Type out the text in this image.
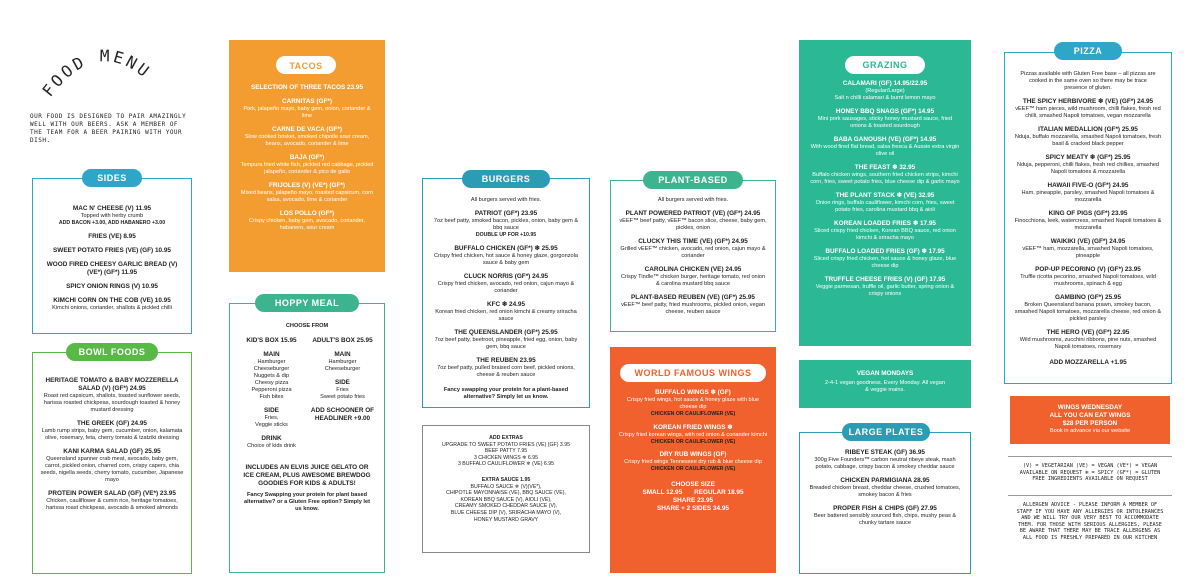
FOOD MENU
OUR FOOD IS DESIGNED TO PAIR AMAZINGLY WELL WITH OUR BEERS. ASK A MEMBER OF THE TEAM FOR A BEER PAIRING WITH YOUR DISH.
MAC N' CHEESE (V) 11.95
Topped with herby crumb
ADD BACON +3.00, ADD HABANERO +3.00
FRIES (VE) 8.95
SWEET POTATO FRIES (VE) (GF) 10.95
WOOD FIRED CHEESY GARLIC BREAD (V) (VE*) (GF*) 11.95
SPICY ONION RINGS (V) 10.95
KIMCHI CORN ON THE COB (VE) 10.95
Kimchi onions, coriander, shallots & pickled chilli
SIDES
HERITAGE TOMATO & BABY MOZZERELLA SALAD (V) (GF*) 24.95
Roast red capsicum, shallots, toasted sunflower seeds, harissa roasted chickpeas, sourdough toasted & honey mustard dressing
THE GREEK (GF) 24.95
Lamb rump strips, baby gem, cucumber, onion, kalamata olive, rosemary, feta, cherry tomato & tzatziki dressing
KANI KARMA SALAD (GF) 25.95
Queensland spanner crab meat, avocado, baby gem, carrot, pickled onion, charred corn, crispy capers, chia seeds, nigella seeds, cherry tomato, cucumber, Japanese mayo
PROTEIN POWER SALAD (GF) (VE*) 23.95
Chicken, cauliflower & cumin rice, heritage tomatoes, harissa roast chickpeas, avocado & smoked almonds
BOWL FOODS
SELECTION OF THREE TACOS 23.95
CARNITAS (GF*)
Pork, jalapeño mayo, baby gem, onion, coriander & lime
CARNE DE VACA (GF*)
Slow cooked brisket, smoked chipotle sour cream, beans, avocado, coriander & lime
BAJA (GF*)
Tempura fried white fish, pickled red cabbage, pickled jalapeño, coriander & pico de gallo
FRIJOLES (V) (VE*) (GF*)
Mixed beans, jalapeño mayo, roasted capsicum, corn salsa, avocado, lime & coriander
LOS POLLO (GF*)
Crispy chicken, baby gem, avocado, coriander, habanero, sour cream
TACOS
CHOOSE FROM
KID'S BOX 15.95
MAIN
Hamburger
Cheeseburger
Nuggets & dip
Cheesy pizza
Pepperoni pizza
Fish bites
SIDE
Fries,
Veggie sticks
DRINK
Choice of kids drink
ADULT'S BOX 25.95
MAIN
Hamburger
Cheeseburger
SIDE
Fries
Sweet potato fries
ADD SCHOONER OF HEADLINER +9.00
INCLUDES AN ELVIS JUICE GELATO OR ICE CREAM, PLUS AWESOME BREWDOG GOODIES FOR KIDS & ADULTS!
Fancy Swapping your protein for plant based alternative? or a Gluten Free option? Simply let us know.
HOPPY MEAL
All burgers served with fries.
PATRIOT (GF*) 23.95
7oz beef patty, smoked bacon, pickles, onion, baby gem & bbq sauce
DOUBLE UP FOR +10.95
BUFFALO CHICKEN (GF*) ❄ 25.95
Crispy fried chicken, hot sauce & honey glaze, gorgonzola sauce & baby gem
CLUCK NORRIS (GF*) 24.95
Crispy fried chicken, avocado, red onion, cajun mayo & coriander
KFC ❄ 24.95
Korean fried chicken, red onion kimchi & creamy sriracha sauce
THE QUEENSLANDER (GF*) 25.95
7oz beef patty, beetroot, pineapple, fried egg, onion, baby gem, bbq sauce
THE REUBEN 23.95
7oz beef patty, pulled braised corn beef, pickled onions, cheese & reuben sauce
Fancy swapping your protein for a plant-based alternative? Simply let us know.
BURGERS
ADD EXTRAS
UPGRADE TO SWEET POTATO FRIES (VE) (GF) 3.95
BEEF PATTY 7.95
3 CHICKEN WINGS ❄ 6.95
3 BUFFALO CAULIFLOWER ❄ (VE) 6.95
EXTRA SAUCE 1.95
BUFFALO SAUCE ❄ (V)(VE*),
CHIPOTLE MAYONNAISE (VE), BBQ SAUCE (VE),
KOREAN BBQ SAUCE (V), AIOLI (VE),
CREAMY SMOKED CHEDDAR SAUCE (V),
BLUE CHEESE DIP (V), SRIRACHA MAYO (V),
HONEY MUSTARD GRAVY
All burgers served with fries.
PLANT POWERED PATRIOT (VE) (GF*) 24.95
vEEF™ beef patty, vEEF™ bacon slice, cheese, baby gem, pickles, onion
CLUCKY THIS TIME (VE) (GF*) 24.95
Grilled vEEF™ chicken, avocado, red onion, cajun mayo & coriander
CAROLINA CHICKEN (VE) 24.95
Crispy Tindle™ chicken burger, heritage tomato, red onion & carolina mustard bbq sauce
PLANT-BASED REUBEN (VE) (GF*) 25.95
vEEF™ beef patty, fried mushrooms, pickled onion, vegan cheese, reuben sauce
PLANT-BASED
BUFFALO WINGS ❄ (GF)
Crispy fried wings, hot sauce & honey glaze with blue cheese dip
CHICKEN OR CAULIFLOWER (VE)
KOREAN FRIED WINGS ❄
Crispy fried korean wings, with red onion & coriander kimchi
CHICKEN OR CAULIFLOWER (VE)
DRY RUB WINGS (GF)
Crispy fried wings Tennessee dry rub & blue cheese dip
CHICKEN OR CAULIFLOWER (VE)
CHOOSE SIZE
SMALL 12.95 REGULAR 18.95
SHARE 23.95
SHARE + 2 SIDES 34.95
WORLD FAMOUS WINGS
CALAMARI (GF) 14.95/22.95
(Regular/Large)
Salt n chilli calamari & burnt lemon mayo
HONEY BBQ SNAGS (GF*) 14.95
Mini pork sausages, sticky honey mustard sauce, fried onions & toasted sourdough
BABA GANOUSH (VE) (GF*) 14.95
With wood fired flat bread, salsa fresca & Aussie extra virgin olive oil
THE FEAST ❄ 32.95
Buffalo chicken wings, southern fried chicken strips, kimchi corn, fries, sweet potato fries, blue cheese dip & garlic mayo
THE PLANT STACK ❄ (VE) 32.95
Onion rings, buffalo cauliflower, kimchi corn, fries, sweet potato fries, carolina mustard bbq & aioli
KOREAN LOADED FRIES ❄ 17.95
Sliced crispy fried chicken, Korean BBQ sauce, red onion kimchi & sriracha mayo
BUFFALO LOADED FRIES (GF) ❄ 17.95
Sliced crispy fried chicken, hot sauce & honey glaze, blue cheese dip
TRUFFLE CHEESE FRIES (V) (GF) 17.95
Veggie parmesan, truffle oil, garlic butter, spring onion & crispy onions
GRAZING
VEGAN MONDAYS
2-4-1 vegan goodness. Every Monday. All vegan & veggie mains.
RIBEYE STEAK (GF) 36.95
300g Five Founders™ carbon neutral ribeye steak, mash potato, cabbage, crispy bacon & smokey cheddar sauce
CHICKEN PARMIGIANA 28.95
Breaded chicken breast, cheddar cheese, crushed tomatoes, smokey bacon & fries
PROPER FISH & CHIPS (GF) 27.95
Beer battered sensibly sourced fish, chips, mushy peas & chunky tartare sauce
LARGE PLATES
Pizzas available with Gluten Free base – all pizzas are cooked in the same oven so there may be trace presence of gluten.
THE SPICY HERBIVORE ❄ (VE) (GF*) 24.95
vEEF™ ham pieces, wild mushroom, chilli flakes, fresh red chilli, smashed Napoli tomatoes, vegan mozzarella
ITALIAN MEDALLION (GF*) 25.95
Nduja, buffalo mozzarella, smashed Napoli tomatoes, fresh basil & cracked black pepper
SPICY MEATY ❄ (GF*) 25.95
Nduja, pepperoni, chilli flakes, fresh red chillies, smashed Napoli tomatoes & mozzarella
HAWAII FIVE-O (GF*) 24.95
Ham, pineapple, parsley, smashed Napoli tomatoes & mozzarella
KING OF PIGS (GF*) 23.95
Finocchiona, leek, watercress, smashed Napoli tomatoes & mozzarella
WAIKIKI (VE) (GF*) 24.95
vEEF™ ham, mozzarella, smashed Napoli tomatoes, pineapple
POP-UP PECORINO (V) (GF*) 23.95
Truffle ricotta pecorino, smashed Napoli tomatoes, wild mushrooms, spinach & egg
GAMBINO (GF*) 25.95
Broken Queensland banana prawn, smokey bacon, smashed Napoli tomatoes, mozzarella cheese, red onion & pickled parsley
THE HERO (VE) (GF*) 22.95
Wild mushrooms, zucchini ribbons, pine nuts, smashed Napoli tomatoes, rosemary
ADD MOZZARELLA +1.95
PIZZA
WINGS WEDNESDAY
ALL YOU CAN EAT WINGS
$28 PER PERSON
Book in advance via our website
(V) = VEGETARIAN (VE) = VEGAN (VE*) = VEGAN AVAILABLE ON REQUEST ❄ = SPICY (GF*) = GLUTEN FREE INGREDIENTS AVAILABLE ON REQUEST
ALLERGEN ADVICE - PLEASE INFORM A MEMBER OF STAFF IF YOU HAVE ANY ALLERGIES OR INTOLERANCES AND WE WILL TRY OUR VERY BEST TO ACCOMMODATE THEM. FOR THOSE WITH SERIOUS ALLERGIES, PLEASE BE AWARE THAT THERE MAY BE TRACE ALLERGENS AS ALL FOOD IS FRESHLY PREPARED IN OUR KITCHEN
